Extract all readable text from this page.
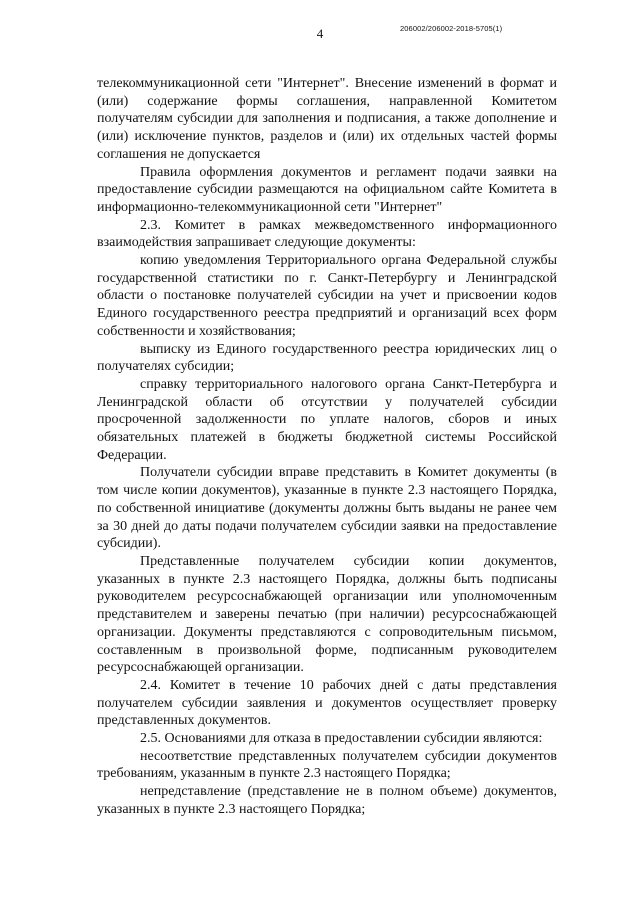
4	206002/206002-2018-5705(1)

телекоммуникационной сети "Интернет". Внесение изменений в формат и (или) содержание формы соглашения, направленной Комитетом получателям субсидии для заполнения и подписания, а также дополнение и (или) исключение пунктов, разделов и (или) их отдельных частей формы соглашения не допускается

Правила оформления документов и регламент подачи заявки на предоставление субсидии размещаются на официальном сайте Комитета в информационно-телекоммуникационной сети "Интернет"

2.3. Комитет в рамках межведомственного информационного взаимодействия запрашивает следующие документы:

копию уведомления Территориального органа Федеральной службы государственной статистики по г. Санкт-Петербургу и Ленинградской области о постановке получателей субсидии на учет и присвоении кодов Единого государственного реестра предприятий и организаций всех форм собственности и хозяйствования;

выписку из Единого государственного реестра юридических лиц о получателях субсидии;

справку территориального налогового органа Санкт-Петербурга и Ленинградской области об отсутствии у получателей субсидии просроченной задолженности по уплате налогов, сборов и иных обязательных платежей в бюджеты бюджетной системы Российской Федерации.

Получатели субсидии вправе представить в Комитет документы (в том числе копии документов), указанные в пункте 2.3 настоящего Порядка, по собственной инициативе (документы должны быть выданы не ранее чем за 30 дней до даты подачи получателем субсидии заявки на предоставление субсидии).

Представленные получателем субсидии копии документов, указанных в пункте 2.3 настоящего Порядка, должны быть подписаны руководителем ресурсоснабжающей организации или уполномоченным представителем и заверены печатью (при наличии) ресурсоснабжающей организации. Документы представляются с сопроводительным письмом, составленным в произвольной форме, подписанным руководителем ресурсоснабжающей организации.

2.4. Комитет в течение 10 рабочих дней с даты представления получателем субсидии заявления и документов осуществляет проверку представленных документов.

2.5. Основаниями для отказа в предоставлении субсидии являются:

несоответствие представленных получателем субсидии документов требованиям, указанным в пункте 2.3 настоящего Порядка;

непредставление (представление не в полном объеме) документов, указанных в пункте 2.3 настоящего Порядка;
